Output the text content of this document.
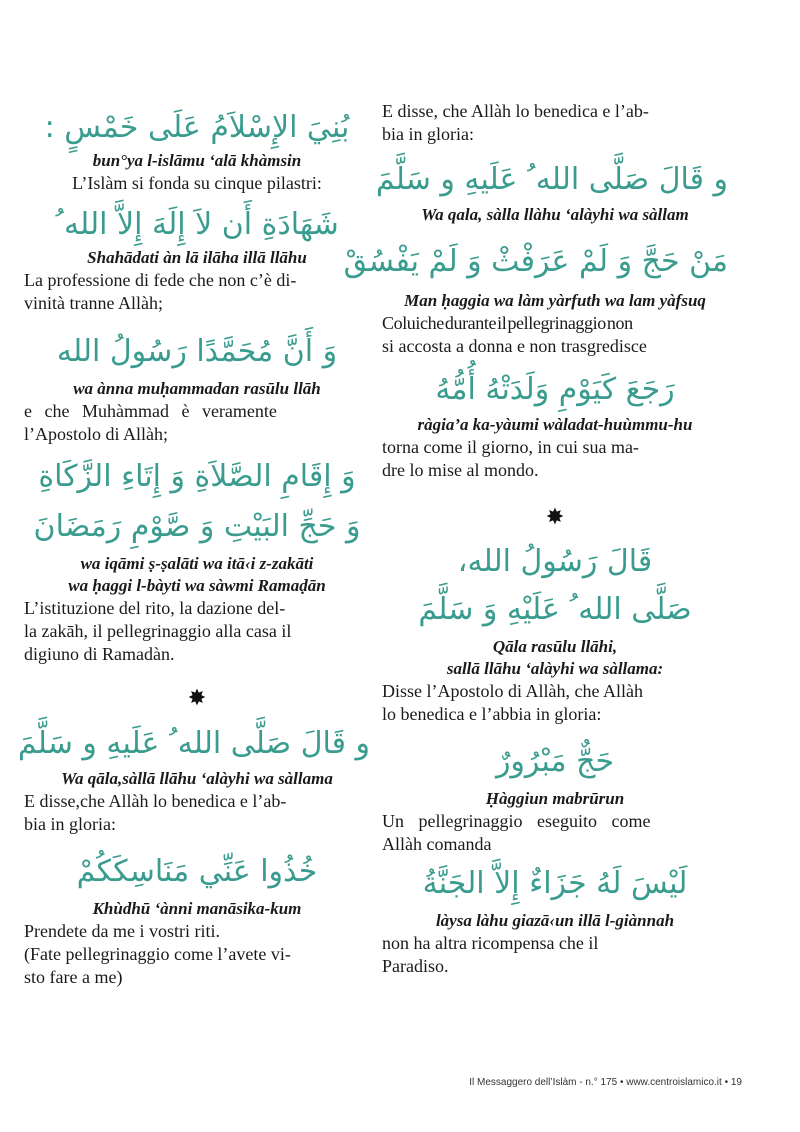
بُنِيَ الإِسْلاَمُ عَلَى خَمْسٍ :
bun°ya l-islāmu ‘alā khàmsin
L’Islàm si fonda su cinque pilastri:
شَهَادَةِ أَن لاَ إِلَهَ إِلاَّ الله ُ
Shahādati àn lā ilāha illā llāhu
La professione di fede che non c’è di-
vinità tranne Allàh;
وَ أَنَّ مُحَمَّدًا رَسُولُ الله
wa ànna muḥammadan rasūlu llāh
e che Muhàmmad è veramente
l’Apostolo di Allàh;
وَ إِقَامِ الصَّلاَةِ وَ إِتَاءِ الزَّكَاةِ
وَ حَجِّ البَيْتِ وَ صَّوْمِ رَمَضَانَ
wa iqāmi ṣ-ṣalāti wa itā‹i z-zakāti
wa ḥaggi l-bàyti wa sàwmi Ramaḍān
L’istituzione del rito, la dazione del-
la zakāh, il pellegrinaggio alla casa il
digiuno di Ramadàn.
✸
و قَالَ صَلَّى الله ُ عَلَيهِ و سَلَّمَ
Wa qāla,sàllā llāhu ‘alàyhi wa sàllama
E disse,che Allàh lo benedica e l’ab-
bia in gloria:
خُذُوا عَنِّي مَنَاسِكَكُمْ
Khùdhū ‘ànni manāsika-kum
Prendete da me i vostri riti.
(Fate pellegrinaggio come l’avete vi-
sto fare a me)
E disse, che Allàh lo benedica e l’ab-
bia in gloria:
و قَالَ صَلَّى الله ُ عَلَيهِ و سَلَّمَ
Wa qala, sàlla llàhu ‘alàyhi wa sàllam
مَنْ حَجَّ وَ لَمْ عَرَفْثْ وَ لَمْ يَفْسُقْ
Man ḥaggia wa làm yàrfuth wa lam yàfsuq
Coluiche durante il pellegrinaggio non
si accosta a donna e non trasgredisce
رَجَعَ كَيَوْمِ وَلَدَتْهُ أُمُّهُ
ràgia’a ka-yàumi wàladat-huùmmu-hu
torna come il giorno, in cui sua ma-
dre lo mise al mondo.
✸
قَالَ رَسُولُ الله،
صَلَّى الله ُ عَلَيْهِ وَ سَلَّمَ
Qāla rasūlu llāhi,
sallā llāhu ‘alàyhi wa sàllama:
Disse l’Apostolo di Allàh, che Allàh
lo benedica e l’abbia in gloria:
حَجٌّ مَبْرُورٌ
Ḥàggiun mabrūrun
Un pellegrinaggio eseguito come
Allàh comanda
لَيْسَ لَهُ جَزَاءٌ إِلاَّ الجَنَّةُ
làysa làhu giazā‹un illā l-giànnah
non ha altra ricompensa che il
Paradiso.
Il Messaggero dell’Islàm - n.° 175 • www.centroislamico.it • 19
